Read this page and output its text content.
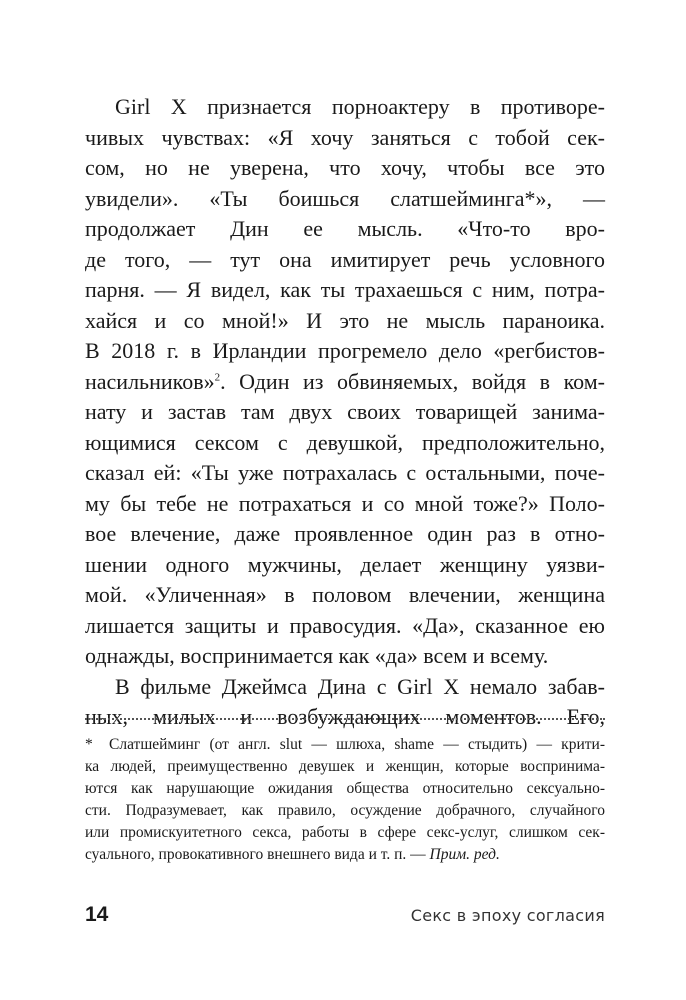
Girl X признается порноактеру в противоре-
чивых чувствах: «Я хочу заняться с тобой сек-
сом, но не уверена, что хочу, чтобы все это
увидели». «Ты боишься слатшейминга*», —
продолжает Дин ее мысль. «Что-то вро-
де того, — тут она имитирует речь условного
парня. — Я видел, как ты трахаешься с ним, потра-
хайся и со мной!» И это не мысль параноика.
В 2018 г. в Ирландии прогремело дело «регбистов-
насильников»$^2$. Один из обвиняемых, войдя в ком-
нату и застав там двух своих товарищей занима-
ющимися сексом с девушкой, предположительно,
сказал ей: «Ты уже потрахалась с остальными, поче-
му бы тебе не потрахаться и со мной тоже?» Поло-
вое влечение, даже проявленное один раз в отно-
шении одного мужчины, делает женщину уязви-
мой. «Уличенная» в половом влечении, женщина
лишается защиты и правосудия. «Да», сказанное ею
однажды, воспринимается как «да» всем и всему.
В фильме Джеймса Дина с Girl X немало забав-
ных, милых и возбуждающих моментов. Его,
* Слатшейминг (от англ. slut — шлюха, shame — стыдить) — крити-
ка людей, преимущественно девушек и женщин, которые воспринима-
ются как нарушающие ожидания общества относительно сексуально-
сти. Подразумевает, как правило, осуждение добрачного, случайного
или промискуитетного секса, работы в сфере секс-услуг, слишком сек-
суального, провокативного внешнего вида и т. п. — Прим. ред.
14	Секс в эпоху согласия
